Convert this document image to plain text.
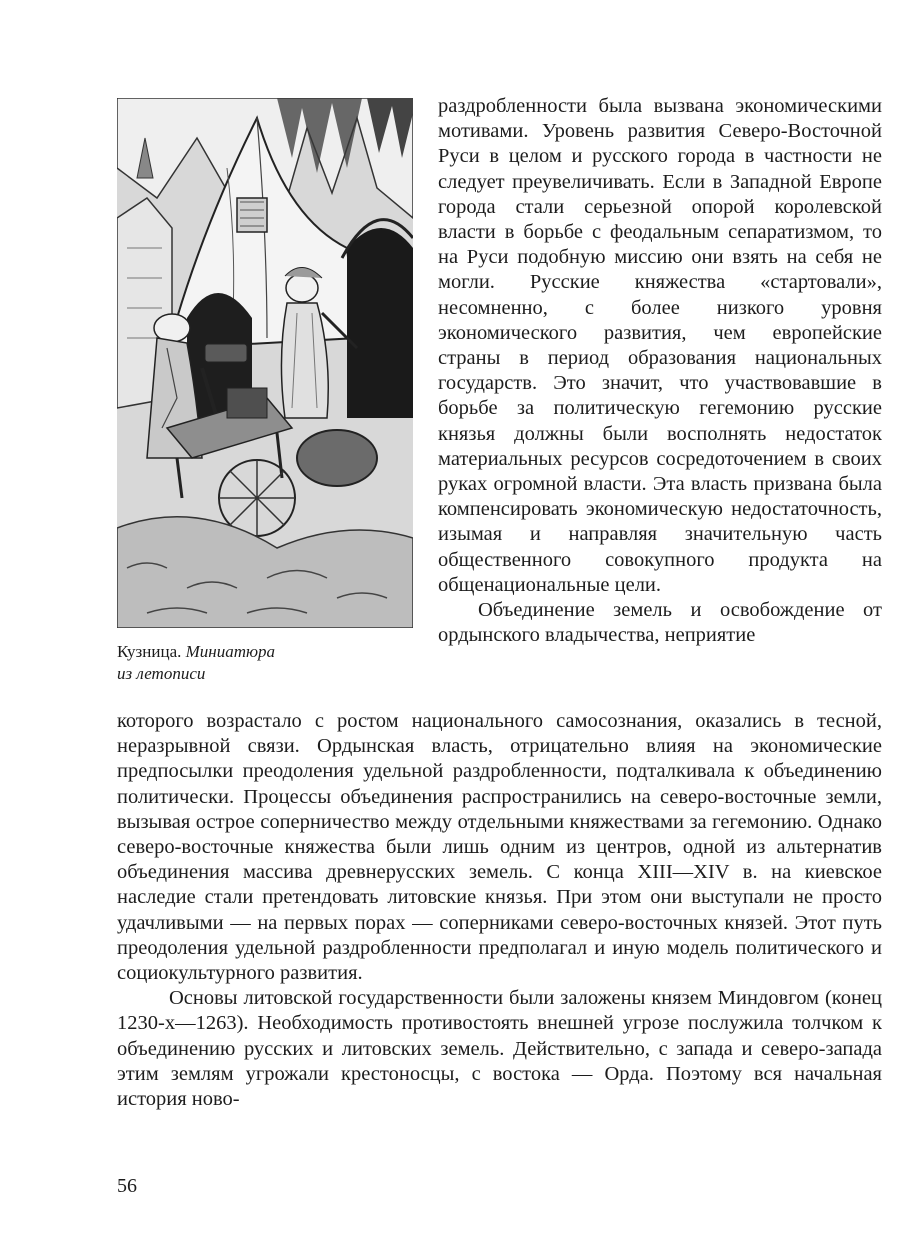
Кузница. Миниатюра
из летописи

раздробленности была вызвана экономическими мотивами. Уровень развития Северо-Восточной Руси в целом и русского города в частности не следует преувеличивать. Если в Западной Европе города стали серьезной опорой королевской власти в борьбе с феодальным сепаратизмом, то на Руси подобную миссию они взять на себя не могли. Русские княжества «стартовали», несомненно, с более низкого уровня экономического развития, чем европейские страны в период образования национальных государств. Это значит, что участвовавшие в борьбе за политическую гегемонию русские князья должны были восполнять недостаток материальных ресурсов сосредоточением в своих руках огромной власти. Эта власть призвана была компенсировать экономическую недостаточность, изымая и направляя значительную часть общественного совокупного продукта на общенациональные цели.

Объединение земель и освобождение от ордынского владычества, неприятие

которого возрастало с ростом национального самосознания, оказались в тесной, неразрывной связи. Ордынская власть, отрицательно влияя на экономические предпосылки преодоления удельной раздробленности, подталкивала к объединению политически. Процессы объединения распространились на северо-восточные земли, вызывая острое соперничество между отдельными княжествами за гегемонию. Однако северо-восточные княжества были лишь одним из центров, одной из альтернатив объединения массива древнерусских земель. С конца XIII—XIV в. на киевское наследие стали претендовать литовские князья. При этом они выступали не просто удачливыми — на первых порах — соперниками северо-восточных князей. Этот путь преодоления удельной раздробленности предполагал и иную модель политического и социокультурного развития.

Основы литовской государственности были заложены князем Миндовгом (конец 1230-х—1263). Необходимость противостоять внешней угрозе послужила толчком к объединению русских и литовских земель. Действительно, с запада и северо-запада этим землям угрожали крестоносцы, с востока — Орда. Поэтому вся начальная история ново-

56
